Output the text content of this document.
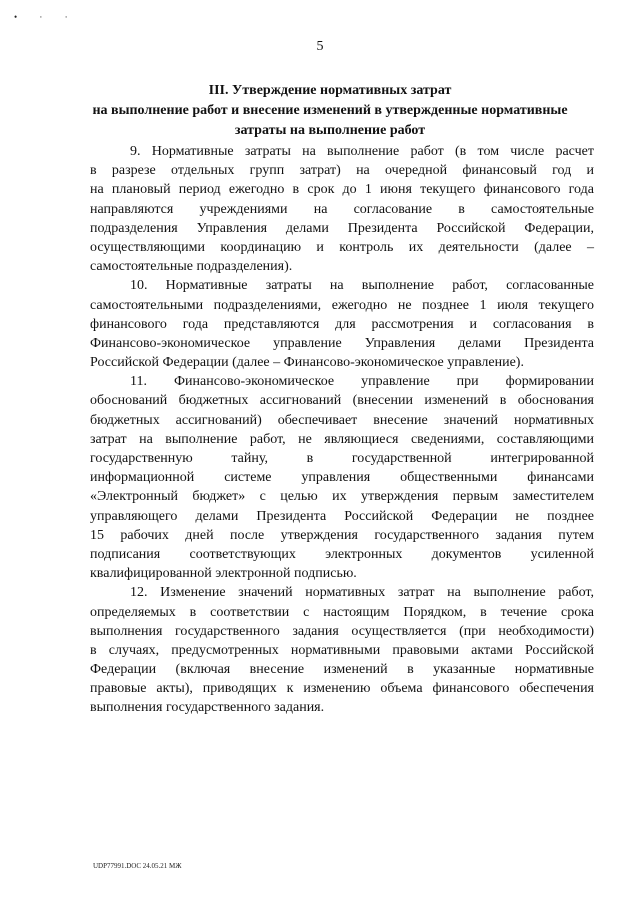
• · ·
5
III. Утверждение нормативных затрат
на выполнение работ и внесение изменений в утвержденные нормативные
затраты на выполнение работ
9. Нормативные затраты на выполнение работ (в том числе расчет
в разрезе отдельных групп затрат) на очередной финансовый год и
на плановый период ежегодно в срок до 1 июня текущего финансового года
направляются учреждениями на согласование в самостоятельные
подразделения Управления делами Президента Российской Федерации,
осуществляющими координацию и контроль их деятельности (далее –
самостоятельные подразделения).
10. Нормативные затраты на выполнение работ, согласованные
самостоятельными подразделениями, ежегодно не позднее 1 июля текущего
финансового года представляются для рассмотрения и согласования в
Финансово-экономическое управление Управления делами Президента
Российской Федерации (далее – Финансово-экономическое управление).
11. Финансово-экономическое управление при формировании
обоснований бюджетных ассигнований (внесении изменений в обоснования
бюджетных ассигнований) обеспечивает внесение значений нормативных
затрат на выполнение работ, не являющиеся сведениями, составляющими
государственную тайну, в государственной интегрированной
информационной системе управления общественными финансами
«Электронный бюджет» с целью их утверждения первым заместителем
управляющего делами Президента Российской Федерации не позднее
15 рабочих дней после утверждения государственного задания путем
подписания соответствующих электронных документов усиленной
квалифицированной электронной подписью.
12. Изменение значений нормативных затрат на выполнение работ,
определяемых в соответствии с настоящим Порядком, в течение срока
выполнения государственного задания осуществляется (при необходимости)
в случаях, предусмотренных нормативными правовыми актами Российской
Федерации (включая внесение изменений в указанные нормативные
правовые акты), приводящих к изменению объема финансового обеспечения
выполнения государственного задания.
UDP77991.DOC 24.05.21 МЖ
